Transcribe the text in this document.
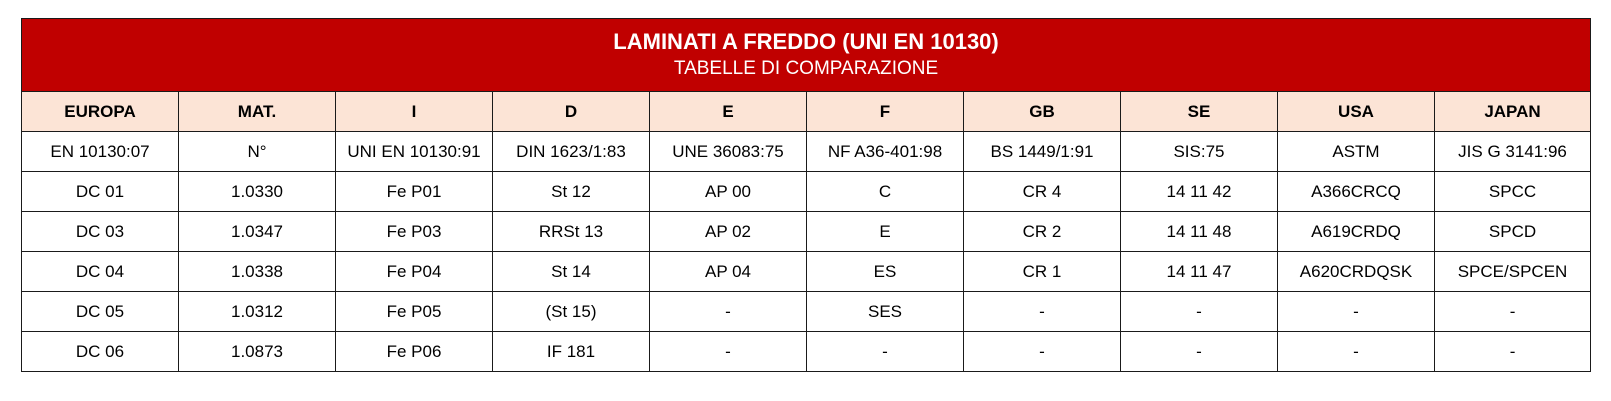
LAMINATI A FREDDO (UNI EN 10130)
TABELLE DI COMPARAZIONE									

EUROPA	MAT.	I	D	E	F	GB	SE	USA	JAPAN
EN 10130:07	N°	UNI EN 10130:91	DIN 1623/1:83	UNE 36083:75	NF A36-401:98	BS 1449/1:91	SIS:75	ASTM	JIS G 3141:96
DC 01	1.0330	Fe P01	St 12	AP 00	C	CR 4	14 11 42	A366CRCQ	SPCC
DC 03	1.0347	Fe P03	RRSt 13	AP 02	E	CR 2	14 11 48	A619CRDQ	SPCD
DC 04	1.0338	Fe P04	St 14	AP 04	ES	CR 1	14 11 47	A620CRDQSK	SPCE/SPCEN
DC 05	1.0312	Fe P05	(St 15)	-	SES	-	-	-	-
DC 06	1.0873	Fe P06	IF 181	-	-	-	-	-	-
